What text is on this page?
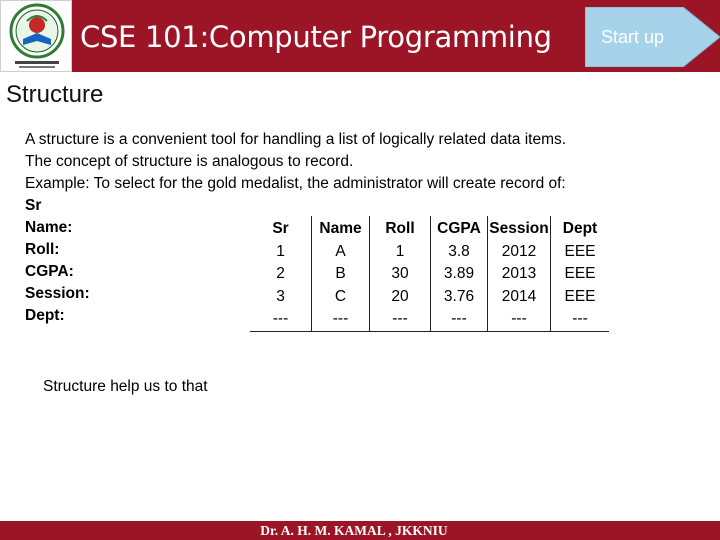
CSE 101:Computer Programming	Start up
Structure
A structure is a convenient tool for handling a list of logically related data items.
The concept of structure is analogous to record.
Example: To select for the gold medalist, the administrator will create record of:
Sr
Name:
Roll:
CGPA:
Session:
Dept:
Sr	Name	Roll	CGPA	Session	Dept
1	A	1	3.8	2012	EEE
2	B	30	3.89	2013	EEE
3	C	20	3.76	2014	EEE
---	---	---	---	---	---
Structure help us to that
Dr. A. H. M. KAMAL , JKKNIU
